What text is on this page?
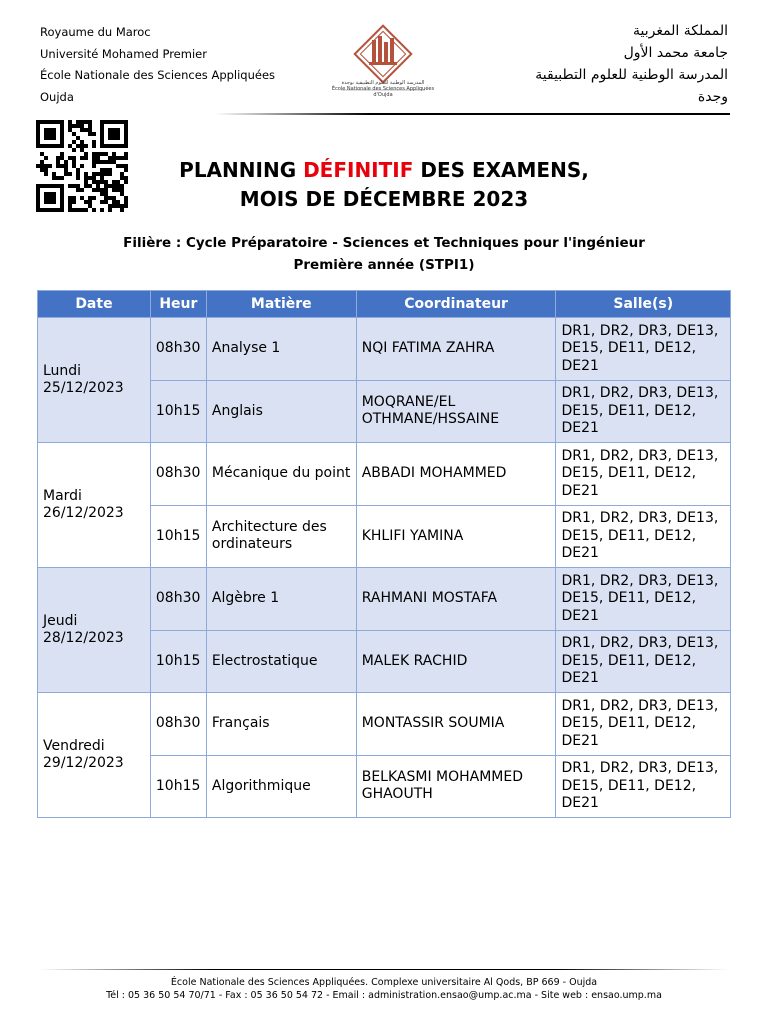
Royaume du Maroc
Université Mohamed Premier
École Nationale des Sciences Appliquées
Oujda
المدرسة الوطنية للعلوم التطبيقية بوجدة
École Nationale des Sciences Appliquées d'Oujda
المملكة المغربية
جامعة محمد الأول
المدرسة الوطنية للعلوم التطبيقية
وجدة
PLANNING DÉFINITIF DES EXAMENS,
MOIS DE DÉCEMBRE 2023
Filière : Cycle Préparatoire - Sciences et Techniques pour l'ingénieur
Première année (STPI1)
Date	Heur	Matière	Coordinateur	Salle(s)

Lundi
25/12/2023	08h30	Analyse 1	NQI FATIMA ZAHRA	DR1, DR2, DR3, DE13, DE15, DE11, DE12, DE21
	10h15	Anglais	MOQRANE/EL OTHMANE/HSSAINE	DR1, DR2, DR3, DE13, DE15, DE11, DE12, DE21

Mardi
26/12/2023	08h30	Mécanique du point	ABBADI MOHAMMED	DR1, DR2, DR3, DE13, DE15, DE11, DE12, DE21
	10h15	Architecture des ordinateurs	KHLIFI YAMINA	DR1, DR2, DR3, DE13, DE15, DE11, DE12, DE21

Jeudi
28/12/2023	08h30	Algèbre 1	RAHMANI MOSTAFA	DR1, DR2, DR3, DE13, DE15, DE11, DE12, DE21
	10h15	Electrostatique	MALEK RACHID	DR1, DR2, DR3, DE13, DE15, DE11, DE12, DE21

Vendredi
29/12/2023	08h30	Français	MONTASSIR SOUMIA	DR1, DR2, DR3, DE13, DE15, DE11, DE12, DE21
	10h15	Algorithmique	BELKASMI MOHAMMED GHAOUTH	DR1, DR2, DR3, DE13, DE15, DE11, DE12, DE21
École Nationale des Sciences Appliquées. Complexe universitaire Al Qods, BP 669 - Oujda
Tél : 05 36 50 54 70/71 - Fax : 05 36 50 54 72 - Email : administration.ensao@ump.ac.ma - Site web : ensao.ump.ma
